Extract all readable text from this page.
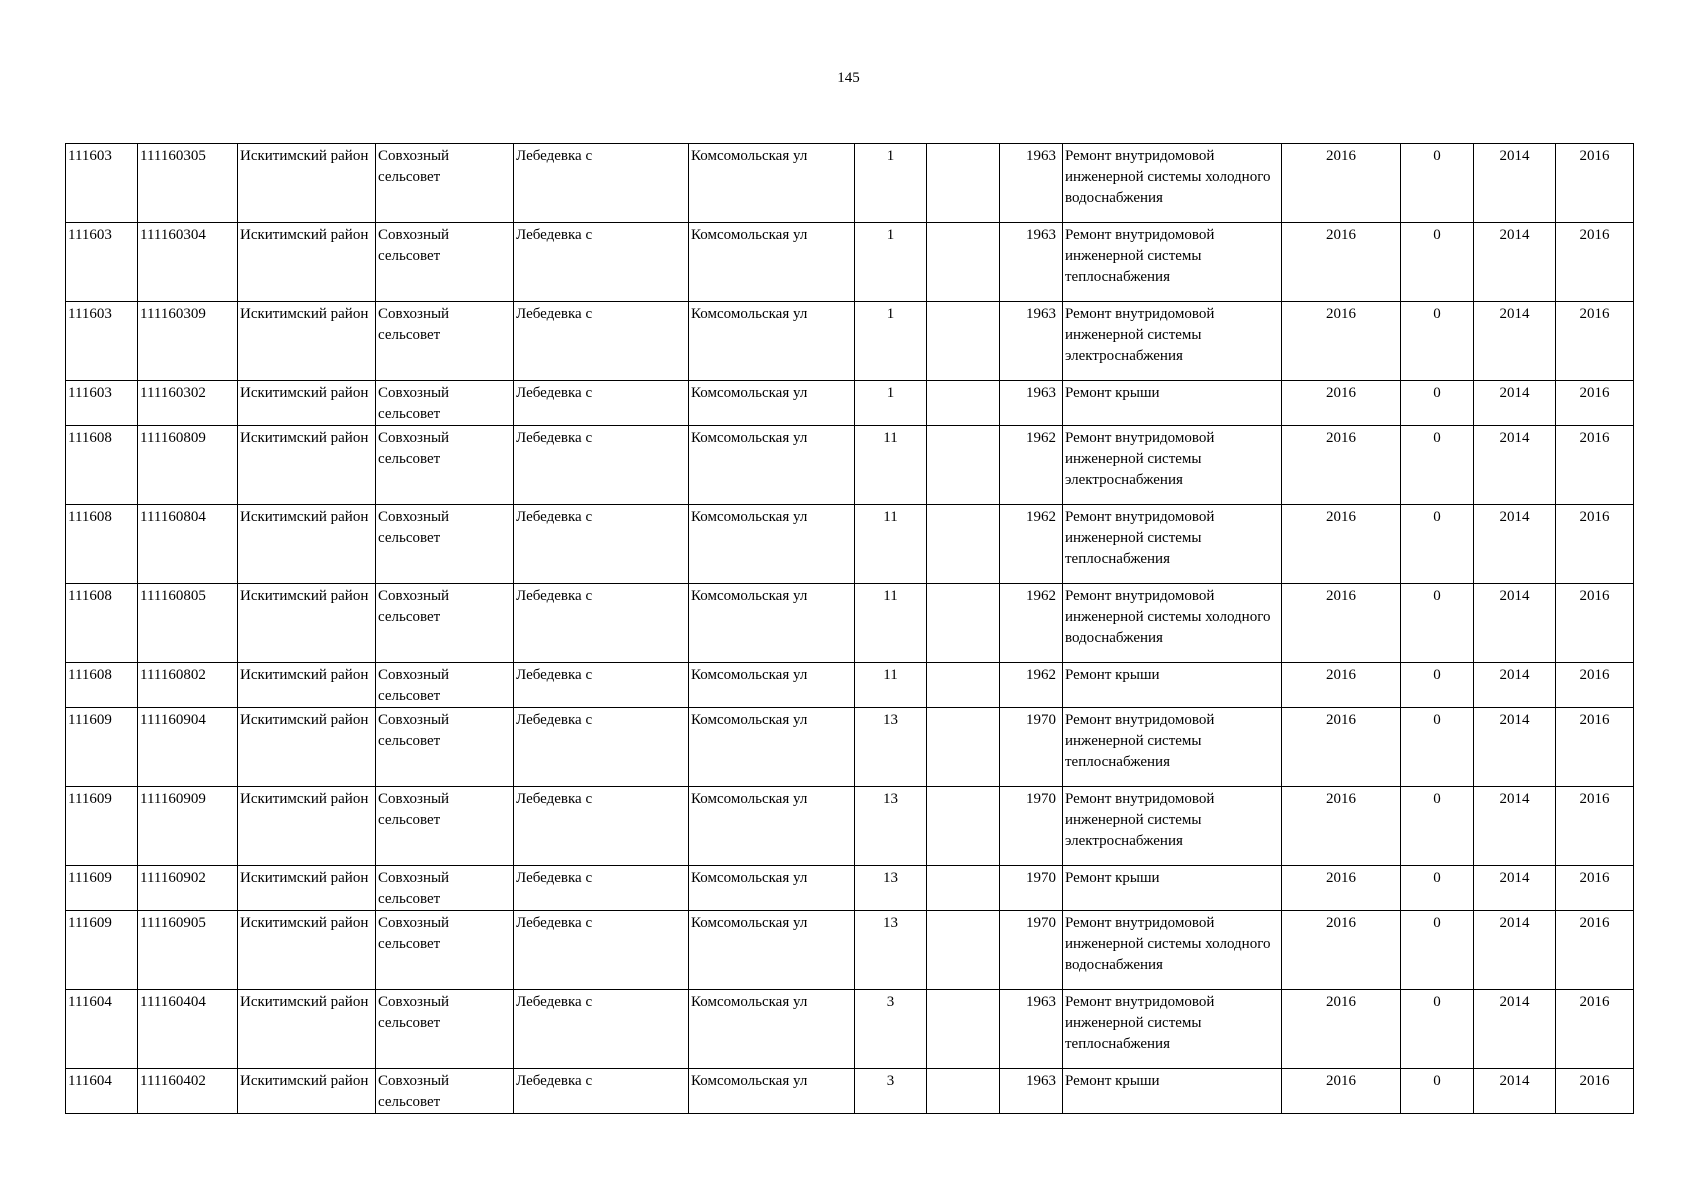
145
111603	111160305	Искитимский район	Совхозный сельсовет	Лебедевка с	Комсомольская ул	1		1963	Ремонт внутридомовой инженерной системы холодного водоснабжения	2016	0	2014	2016
111603	111160304	Искитимский район	Совхозный сельсовет	Лебедевка с	Комсомольская ул	1		1963	Ремонт внутридомовой инженерной системы теплоснабжения	2016	0	2014	2016
111603	111160309	Искитимский район	Совхозный сельсовет	Лебедевка с	Комсомольская ул	1		1963	Ремонт внутридомовой инженерной системы электроснабжения	2016	0	2014	2016
111603	111160302	Искитимский район	Совхозный сельсовет	Лебедевка с	Комсомольская ул	1		1963	Ремонт крыши	2016	0	2014	2016
111608	111160809	Искитимский район	Совхозный сельсовет	Лебедевка с	Комсомольская ул	11		1962	Ремонт внутридомовой инженерной системы электроснабжения	2016	0	2014	2016
111608	111160804	Искитимский район	Совхозный сельсовет	Лебедевка с	Комсомольская ул	11		1962	Ремонт внутридомовой инженерной системы теплоснабжения	2016	0	2014	2016
111608	111160805	Искитимский район	Совхозный сельсовет	Лебедевка с	Комсомольская ул	11		1962	Ремонт внутридомовой инженерной системы холодного водоснабжения	2016	0	2014	2016
111608	111160802	Искитимский район	Совхозный сельсовет	Лебедевка с	Комсомольская ул	11		1962	Ремонт крыши	2016	0	2014	2016
111609	111160904	Искитимский район	Совхозный сельсовет	Лебедевка с	Комсомольская ул	13		1970	Ремонт внутридомовой инженерной системы теплоснабжения	2016	0	2014	2016
111609	111160909	Искитимский район	Совхозный сельсовет	Лебедевка с	Комсомольская ул	13		1970	Ремонт внутридомовой инженерной системы электроснабжения	2016	0	2014	2016
111609	111160902	Искитимский район	Совхозный сельсовет	Лебедевка с	Комсомольская ул	13		1970	Ремонт крыши	2016	0	2014	2016
111609	111160905	Искитимский район	Совхозный сельсовет	Лебедевка с	Комсомольская ул	13		1970	Ремонт внутридомовой инженерной системы холодного водоснабжения	2016	0	2014	2016
111604	111160404	Искитимский район	Совхозный сельсовет	Лебедевка с	Комсомольская ул	3		1963	Ремонт внутридомовой инженерной системы теплоснабжения	2016	0	2014	2016
111604	111160402	Искитимский район	Совхозный сельсовет	Лебедевка с	Комсомольская ул	3		1963	Ремонт крыши	2016	0	2014	2016
